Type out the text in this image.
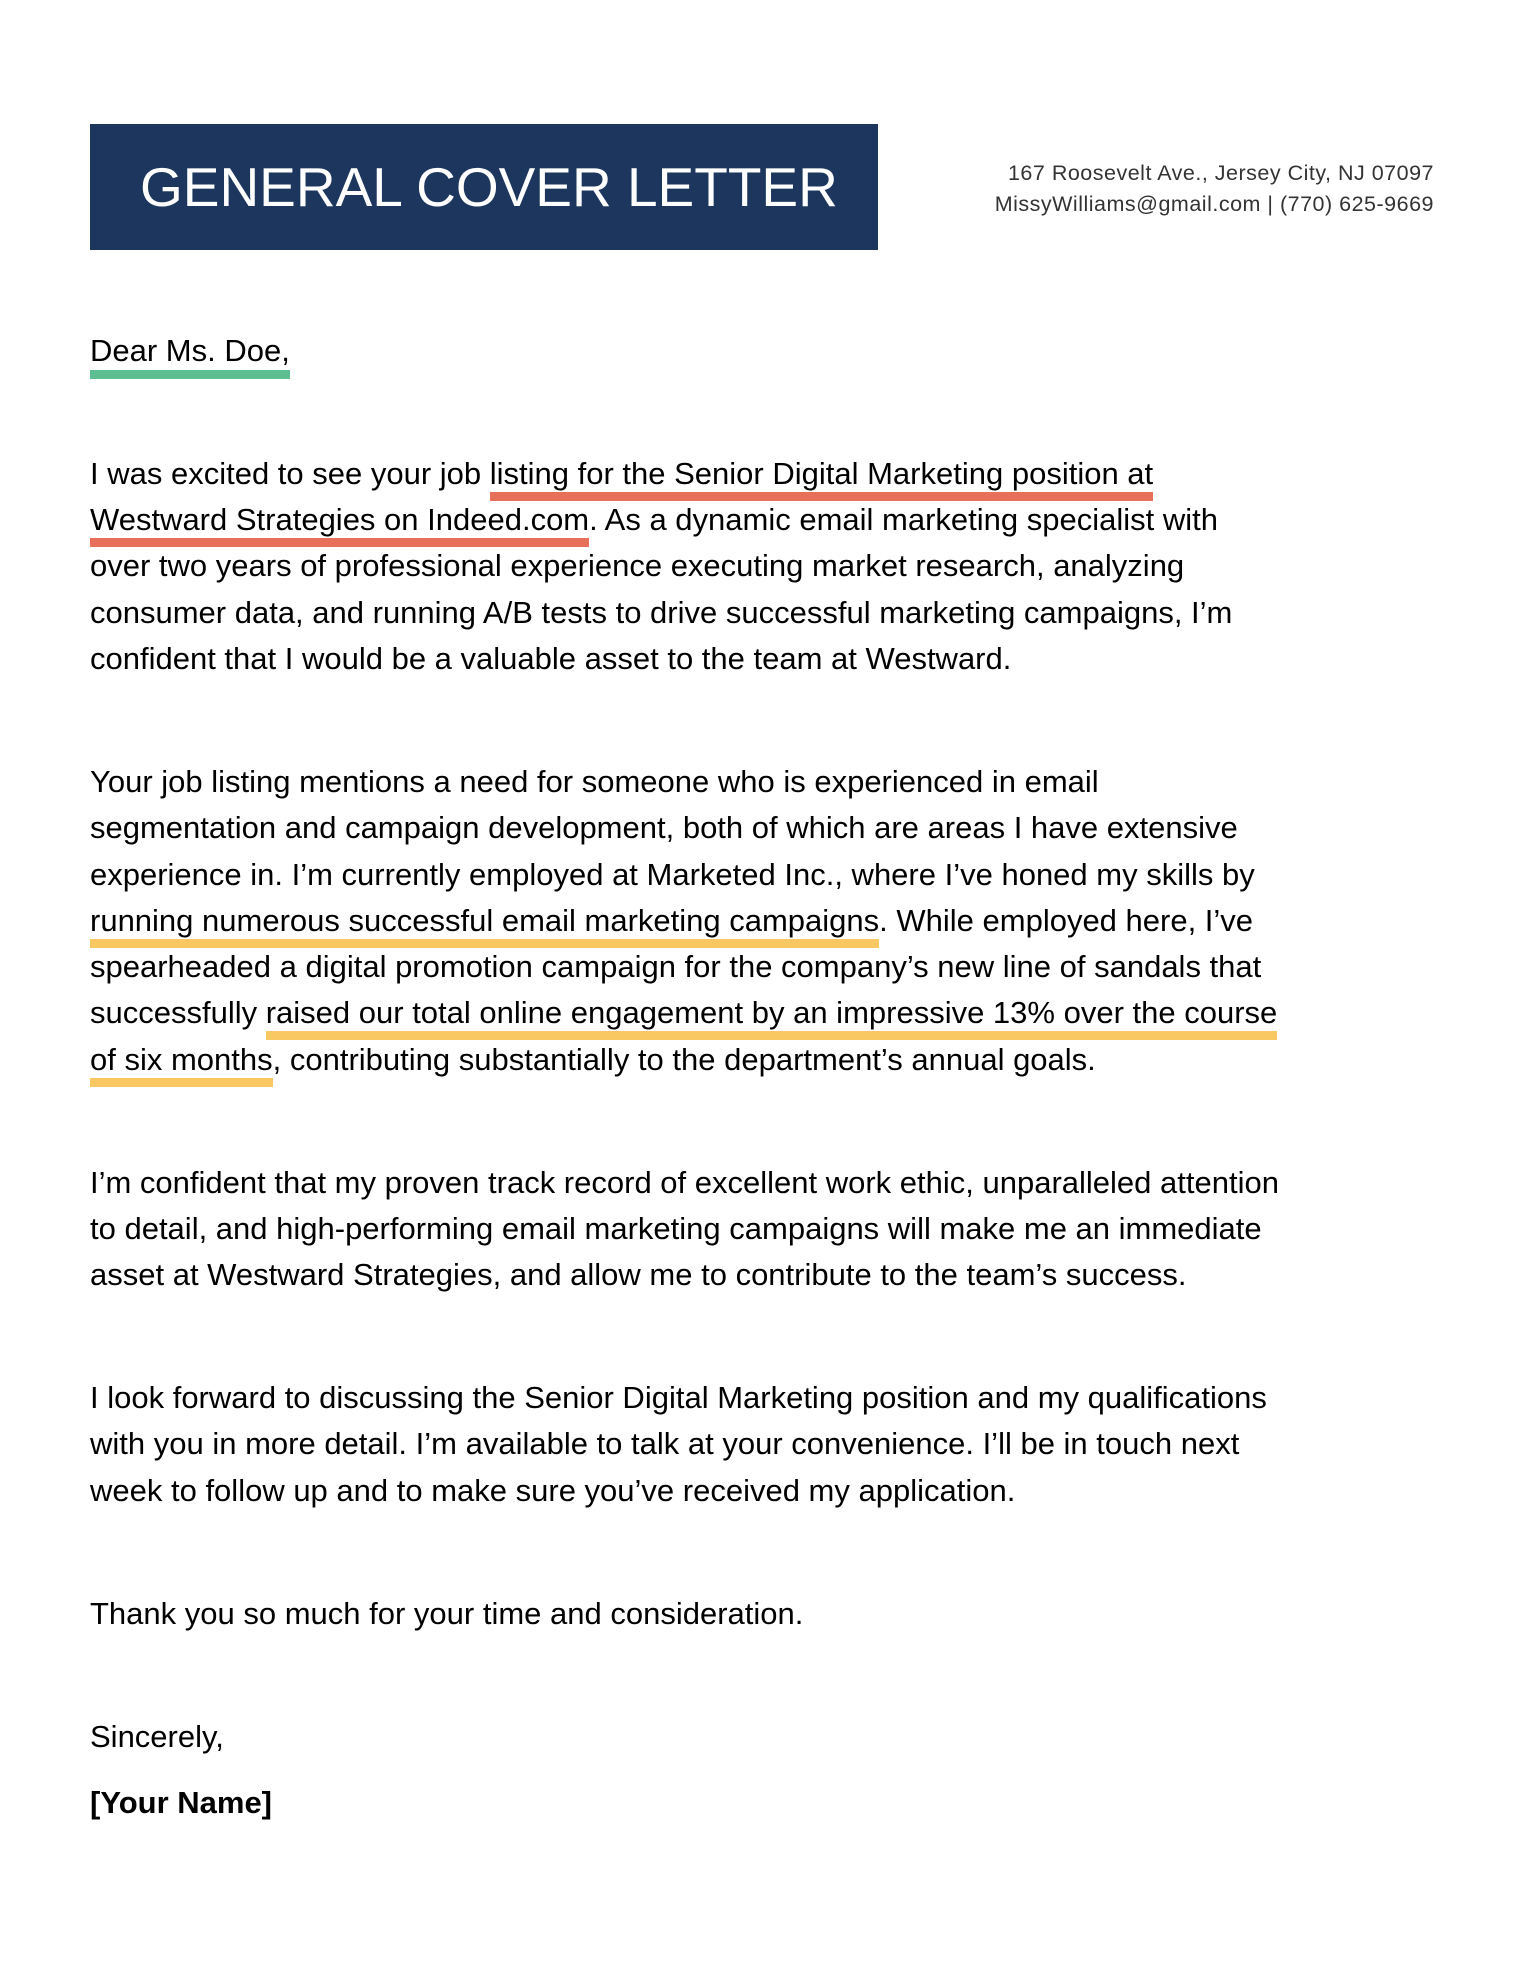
GENERAL COVER LETTER	167 Roosevelt Ave., Jersey City, NJ 07097
MissyWilliams@gmail.com | (770) 625-9669
Dear Ms. Doe,
I was excited to see your job listing for the Senior Digital Marketing position at
Westward Strategies on Indeed.com. As a dynamic email marketing specialist with
over two years of professional experience executing market research, analyzing
consumer data, and running A/B tests to drive successful marketing campaigns, I’m
confident that I would be a valuable asset to the team at Westward.
Your job listing mentions a need for someone who is experienced in email
segmentation and campaign development, both of which are areas I have extensive
experience in. I’m currently employed at Marketed Inc., where I’ve honed my skills by
running numerous successful email marketing campaigns. While employed here, I’ve
spearheaded a digital promotion campaign for the company’s new line of sandals that
successfully raised our total online engagement by an impressive 13% over the course
of six months, contributing substantially to the department’s annual goals.
I’m confident that my proven track record of excellent work ethic, unparalleled attention
to detail, and high-performing email marketing campaigns will make me an immediate
asset at Westward Strategies, and allow me to contribute to the team’s success.
I look forward to discussing the Senior Digital Marketing position and my qualifications
with you in more detail. I’m available to talk at your convenience. I’ll be in touch next
week to follow up and to make sure you’ve received my application.
Thank you so much for your time and consideration.
Sincerely,
[Your Name]
